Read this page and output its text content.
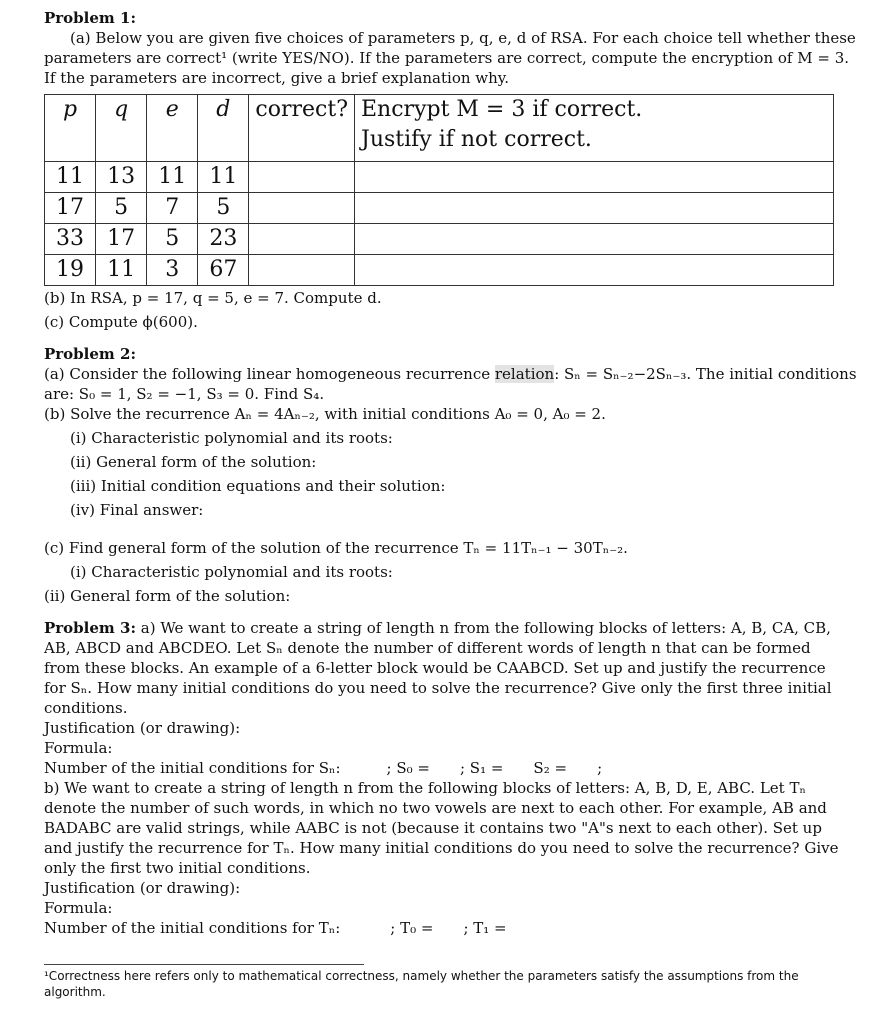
Problem 1:
(a) Below you are given five choices of parameters p, q, e, d of RSA. For each choice tell whether these
parameters are correct¹ (write YES/NO). If the parameters are correct, compute the encryption of M = 3.
If the parameters are incorrect, give a brief explanation why.
p	q	e	d	correct?	Encrypt M = 3 if correct.
Justify if not correct.

11	13	11	11		
17	5	7	5		
33	17	5	23		
19	11	3	67		
(b) In RSA, p = 17, q = 5, e = 7. Compute d.
(c) Compute ϕ(600).
Problem 2:
(a) Consider the following linear homogeneous recurrence relation: Sₙ = Sₙ₋₂−2Sₙ₋₃. The initial conditions
are: S₀ = 1, S₂ = −1, S₃ = 0. Find S₄.
(b) Solve the recurrence Aₙ = 4Aₙ₋₂, with initial conditions A₀ = 0, A₀ = 2.
(i) Characteristic polynomial and its roots:
(ii) General form of the solution:
(iii) Initial condition equations and their solution:
(iv) Final answer:
(c) Find general form of the solution of the recurrence Tₙ = 11Tₙ₋₁ − 30Tₙ₋₂.
(i) Characteristic polynomial and its roots:
(ii) General form of the solution:
Problem 3: a) We want to create a string of length n from the following blocks of letters: A, B, CA, CB,
AB, ABCD and ABCDEO. Let Sₙ denote the number of different words of length n that can be formed
from these blocks. An example of a 6-letter block would be CAABCD. Set up and justify the recurrence
for Sₙ. How many initial conditions do you need to solve the recurrence? Give only the first three initial
conditions.
Justification (or drawing):
Formula:
Number of the initial conditions for Sₙ:	; S₀ = ; S₁ = S₂ = ;
b) We want to create a string of length n from the following blocks of letters: A, B, D, E, ABC. Let Tₙ
denote the number of such words, in which no two vowels are next to each other. For example, AB and
BADABC are valid strings, while AABC is not (because it contains two "A"s next to each other). Set up
and justify the recurrence for Tₙ. How many initial conditions do you need to solve the recurrence? Give
only the first two initial conditions.
Justification (or drawing):
Formula:
Number of the initial conditions for Tₙ:	; T₀ = ; T₁ =
¹Correctness here refers only to mathematical correctness, namely whether the parameters satisfy the assumptions from the
algorithm.
